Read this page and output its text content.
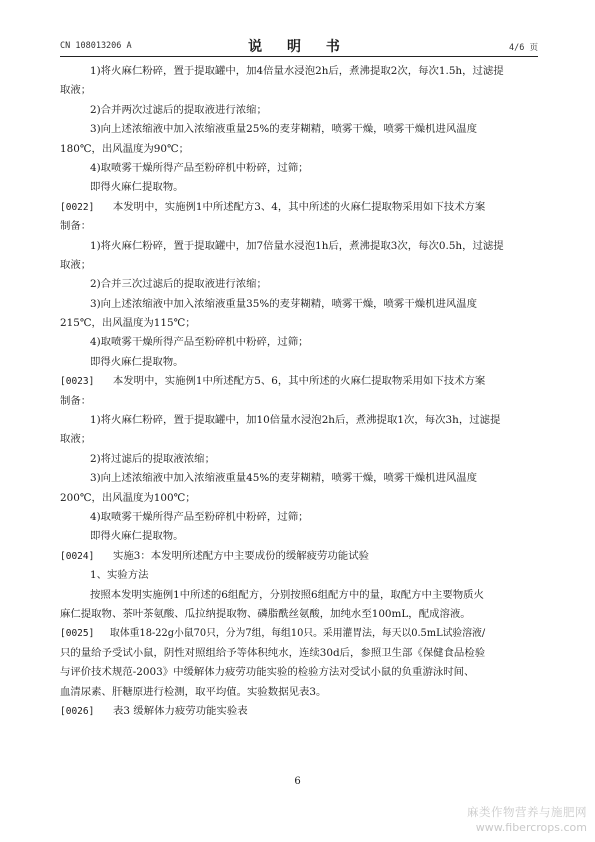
CN 108013206 A	说 明 书	4/6 页
1)将火麻仁粉碎，置于提取罐中，加4倍量水浸泡2h后，煮沸提取2次，每次1.5h，过滤提
取液；
2)合并两次过滤后的提取液进行浓缩；
3)向上述浓缩液中加入浓缩液重量25%的麦芽糊精，喷雾干燥，喷雾干燥机进风温度
180℃，出风温度为90℃；
4)取喷雾干燥所得产品至粉碎机中粉碎，过筛；
即得火麻仁提取物。
[0022] 本发明中，实施例1中所述配方3、4，其中所述的火麻仁提取物采用如下技术方案
制备：
1)将火麻仁粉碎，置于提取罐中，加7倍量水浸泡1h后，煮沸提取3次，每次0.5h，过滤提
取液；
2)合并三次过滤后的提取液进行浓缩；
3)向上述浓缩液中加入浓缩液重量35%的麦芽糊精，喷雾干燥，喷雾干燥机进风温度
215℃，出风温度为115℃；
4)取喷雾干燥所得产品至粉碎机中粉碎，过筛；
即得火麻仁提取物。
[0023] 本发明中，实施例1中所述配方5、6，其中所述的火麻仁提取物采用如下技术方案
制备：
1)将火麻仁粉碎，置于提取罐中，加10倍量水浸泡2h后，煮沸提取1次，每次3h，过滤提
取液；
2)将过滤后的提取液浓缩；
3)向上述浓缩液中加入浓缩液重量45%的麦芽糊精，喷雾干燥，喷雾干燥机进风温度
200℃，出风温度为100℃；
4)取喷雾干燥所得产品至粉碎机中粉碎，过筛；
即得火麻仁提取物。
[0024] 实施3：本发明所述配方中主要成份的缓解疲劳功能试验
1、实验方法
按照本发明实施例1中所述的6组配方，分别按照6组配方中的量，取配方中主要物质火
麻仁提取物、茶叶茶氨酸、瓜拉纳提取物、磷脂酰丝氨酸，加纯水至100mL，配成溶液。
[0025] 取体重18-22g小鼠70只，分为7组，每组10只。采用灌胃法，每天以0.5mL试验溶液/
只的量给予受试小鼠，阴性对照组给予等体积纯水，连续30d后，参照卫生部《保健食品检验
与评价技术规范-2003》中缓解体力疲劳功能实验的检验方法对受试小鼠的负重游泳时间、
血清尿素、肝糖原进行检测，取平均值。实验数据见表3。
[0026] 表3 缓解体力疲劳功能实验表
6
麻类作物营养与施肥网
www.fibercrops.com
